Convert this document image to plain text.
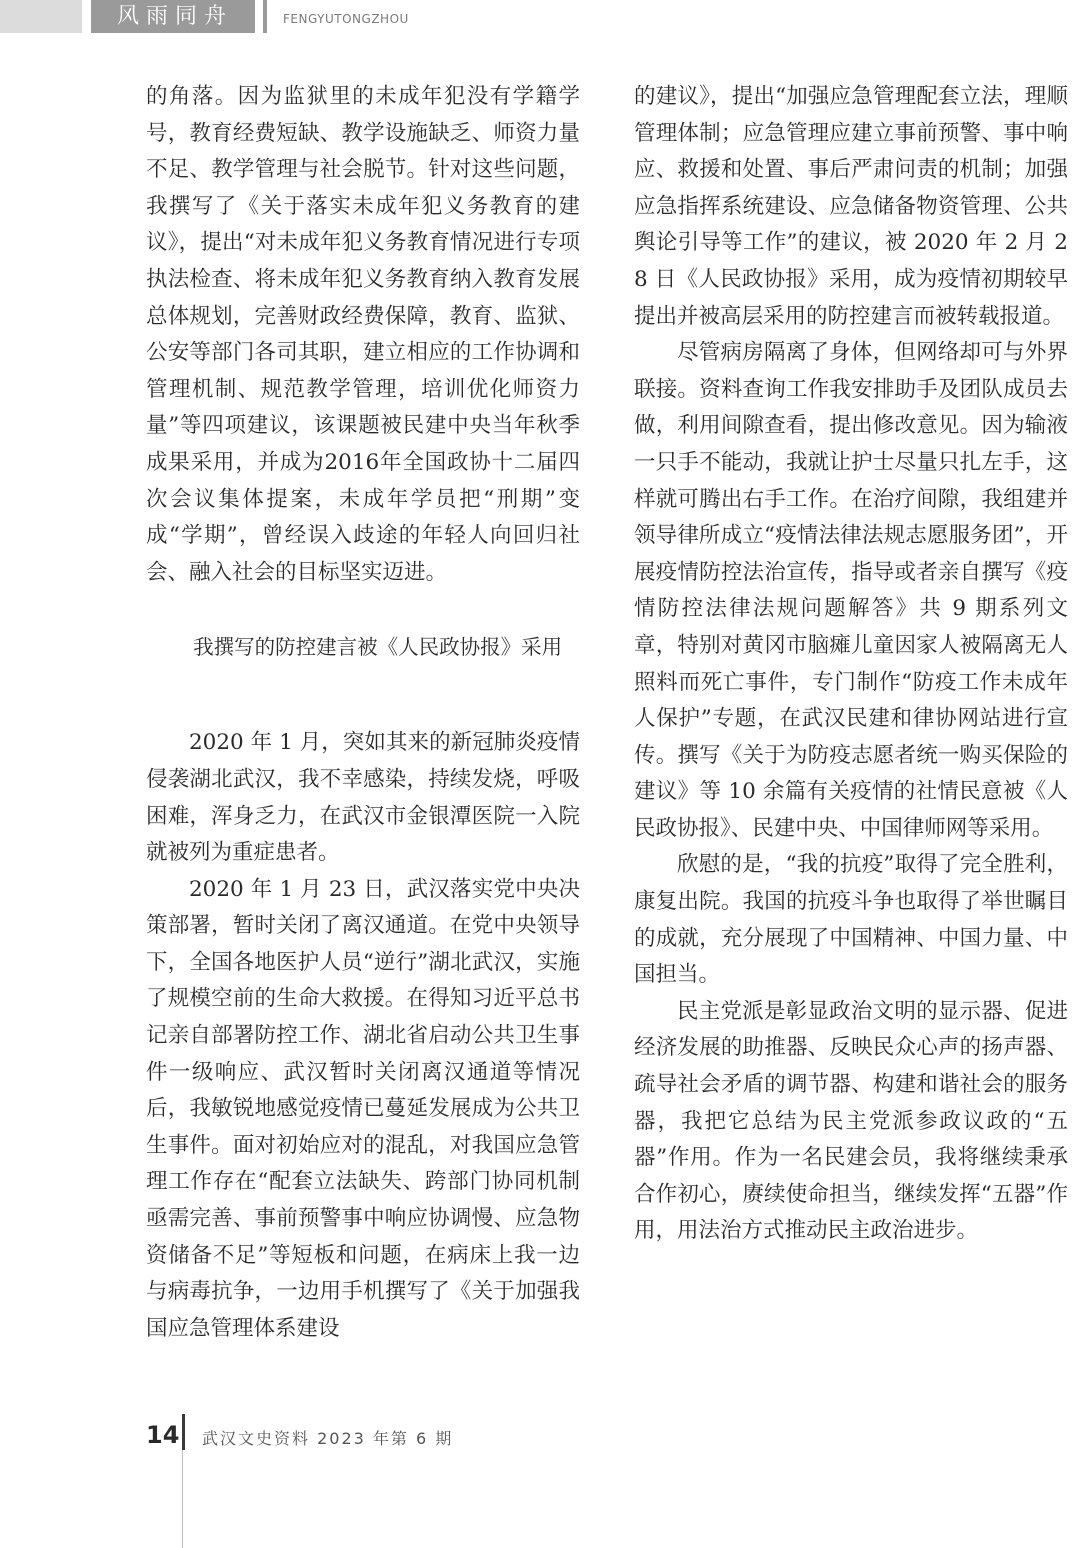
风雨同舟	FENGYUTONGZHOU

的角落。因为监狱里的未成年犯没有学籍学号，教育经费短缺、教学设施缺乏、师资力量不足、教学管理与社会脱节。针对这些问题，我撰写了《关于落实未成年犯义务教育的建议》，提出“对未成年犯义务教育情况进行专项执法检查、将未成年犯义务教育纳入教育发展总体规划，完善财政经费保障，教育、监狱、公安等部门各司其职，建立相应的工作协调和管理机制、规范教学管理，培训优化师资力量”等四项建议，该课题被民建中央当年秋季成果采用，并成为2016年全国政协十二届四次会议集体提案，未成年学员把“刑期”变成“学期”，曾经误入歧途的年轻人向回归社会、融入社会的目标坚实迈进。

我撰写的防控建言被《人民政协报》采用

2020 年 1 月，突如其来的新冠肺炎疫情侵袭湖北武汉，我不幸感染，持续发烧，呼吸困难，浑身乏力，在武汉市金银潭医院一入院就被列为重症患者。

2020 年 1 月 23 日，武汉落实党中央决策部署，暂时关闭了离汉通道。在党中央领导下，全国各地医护人员“逆行”湖北武汉，实施了规模空前的生命大救援。在得知习近平总书记亲自部署防控工作、湖北省启动公共卫生事件一级响应、武汉暂时关闭离汉通道等情况后，我敏锐地感觉疫情已蔓延发展成为公共卫生事件。面对初始应对的混乱，对我国应急管理工作存在“配套立法缺失、跨部门协同机制亟需完善、事前预警事中响应协调慢、应急物资储备不足”等短板和问题，在病床上我一边与病毒抗争，一边用手机撰写了《关于加强我国应急管理体系建设

的建议》，提出“加强应急管理配套立法，理顺管理体制；应急管理应建立事前预警、事中响应、救援和处置、事后严肃问责的机制；加强应急指挥系统建设、应急储备物资管理、公共舆论引导等工作”的建议，被 2020 年 2 月 28 日《人民政协报》采用，成为疫情初期较早提出并被高层采用的防控建言而被转载报道。

尽管病房隔离了身体，但网络却可与外界联接。资料查询工作我安排助手及团队成员去做，利用间隙查看，提出修改意见。因为输液一只手不能动，我就让护士尽量只扎左手，这样就可腾出右手工作。在治疗间隙，我组建并领导律所成立“疫情法律法规志愿服务团”，开展疫情防控法治宣传，指导或者亲自撰写《疫情防控法律法规问题解答》共 9 期系列文章，特别对黄冈市脑瘫儿童因家人被隔离无人照料而死亡事件，专门制作“防疫工作未成年人保护”专题，在武汉民建和律协网站进行宣传。撰写《关于为防疫志愿者统一购买保险的建议》等 10 余篇有关疫情的社情民意被《人民政协报》、民建中央、中国律师网等采用。

欣慰的是，“我的抗疫”取得了完全胜利，康复出院。我国的抗疫斗争也取得了举世瞩目的成就，充分展现了中国精神、中国力量、中国担当。

民主党派是彰显政治文明的显示器、促进经济发展的助推器、反映民众心声的扬声器、疏导社会矛盾的调节器、构建和谐社会的服务器，我把它总结为民主党派参政议政的“五器”作用。作为一名民建会员，我将继续秉承合作初心，赓续使命担当，继续发挥“五器”作用，用法治方式推动民主政治进步。

14 武汉文史资料 2023 年第 6 期
